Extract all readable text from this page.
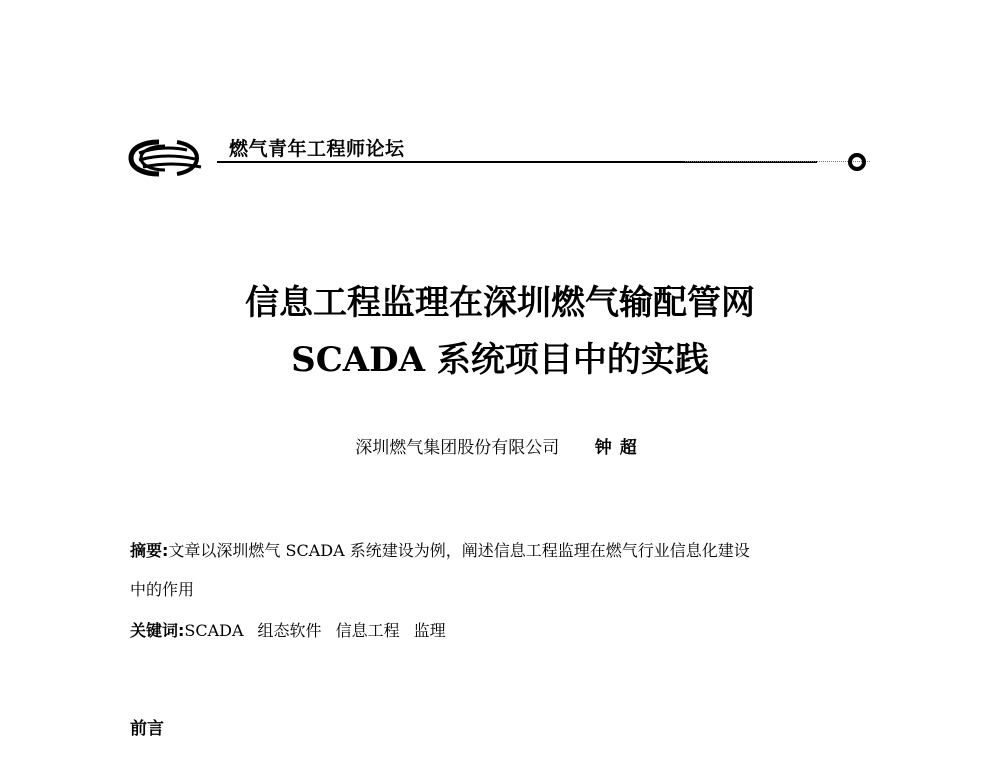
燃气青年工程师论坛
信息工程监理在深圳燃气输配管网
SCADA 系统项目中的实践
深圳燃气集团股份有限公司 钟超
摘要:文章以深圳燃气 SCADA 系统建设为例，阐述信息工程监理在燃气行业信息化建设
中的作用
关键词:SCADA 组态软件 信息工程 监理
前言
